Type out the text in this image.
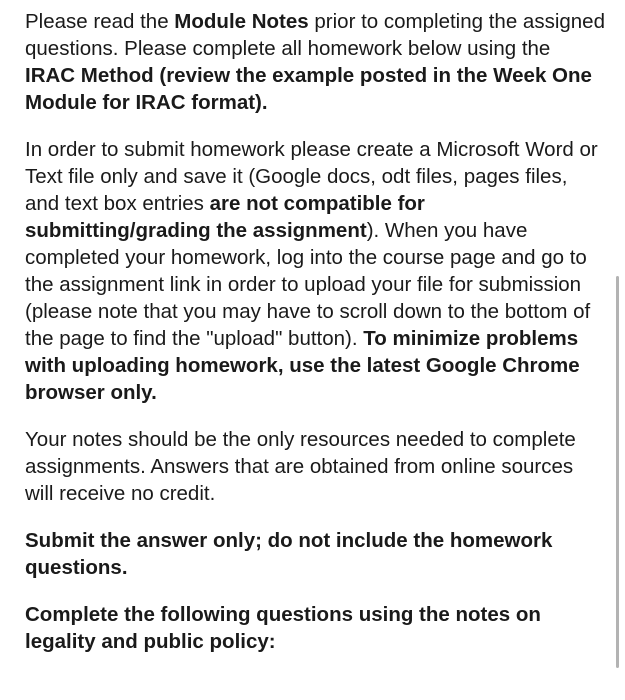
Please read the Module Notes prior to completing the assigned questions. Please complete all homework below using the IRAC Method (review the example posted in the Week One Module for IRAC format).

In order to submit homework please create a Microsoft Word or Text file only and save it (Google docs, odt files, pages files, and text box entries are not compatible for submitting/grading the assignment). When you have completed your homework, log into the course page and go to the assignment link in order to upload your file for submission (please note that you may have to scroll down to the bottom of the page to find the "upload" button). To minimize problems with uploading homework, use the latest Google Chrome browser only.

Your notes should be the only resources needed to complete assignments. Answers that are obtained from online sources will receive no credit.

Submit the answer only; do not include the homework questions.

Complete the following questions using the notes on legality and public policy:
